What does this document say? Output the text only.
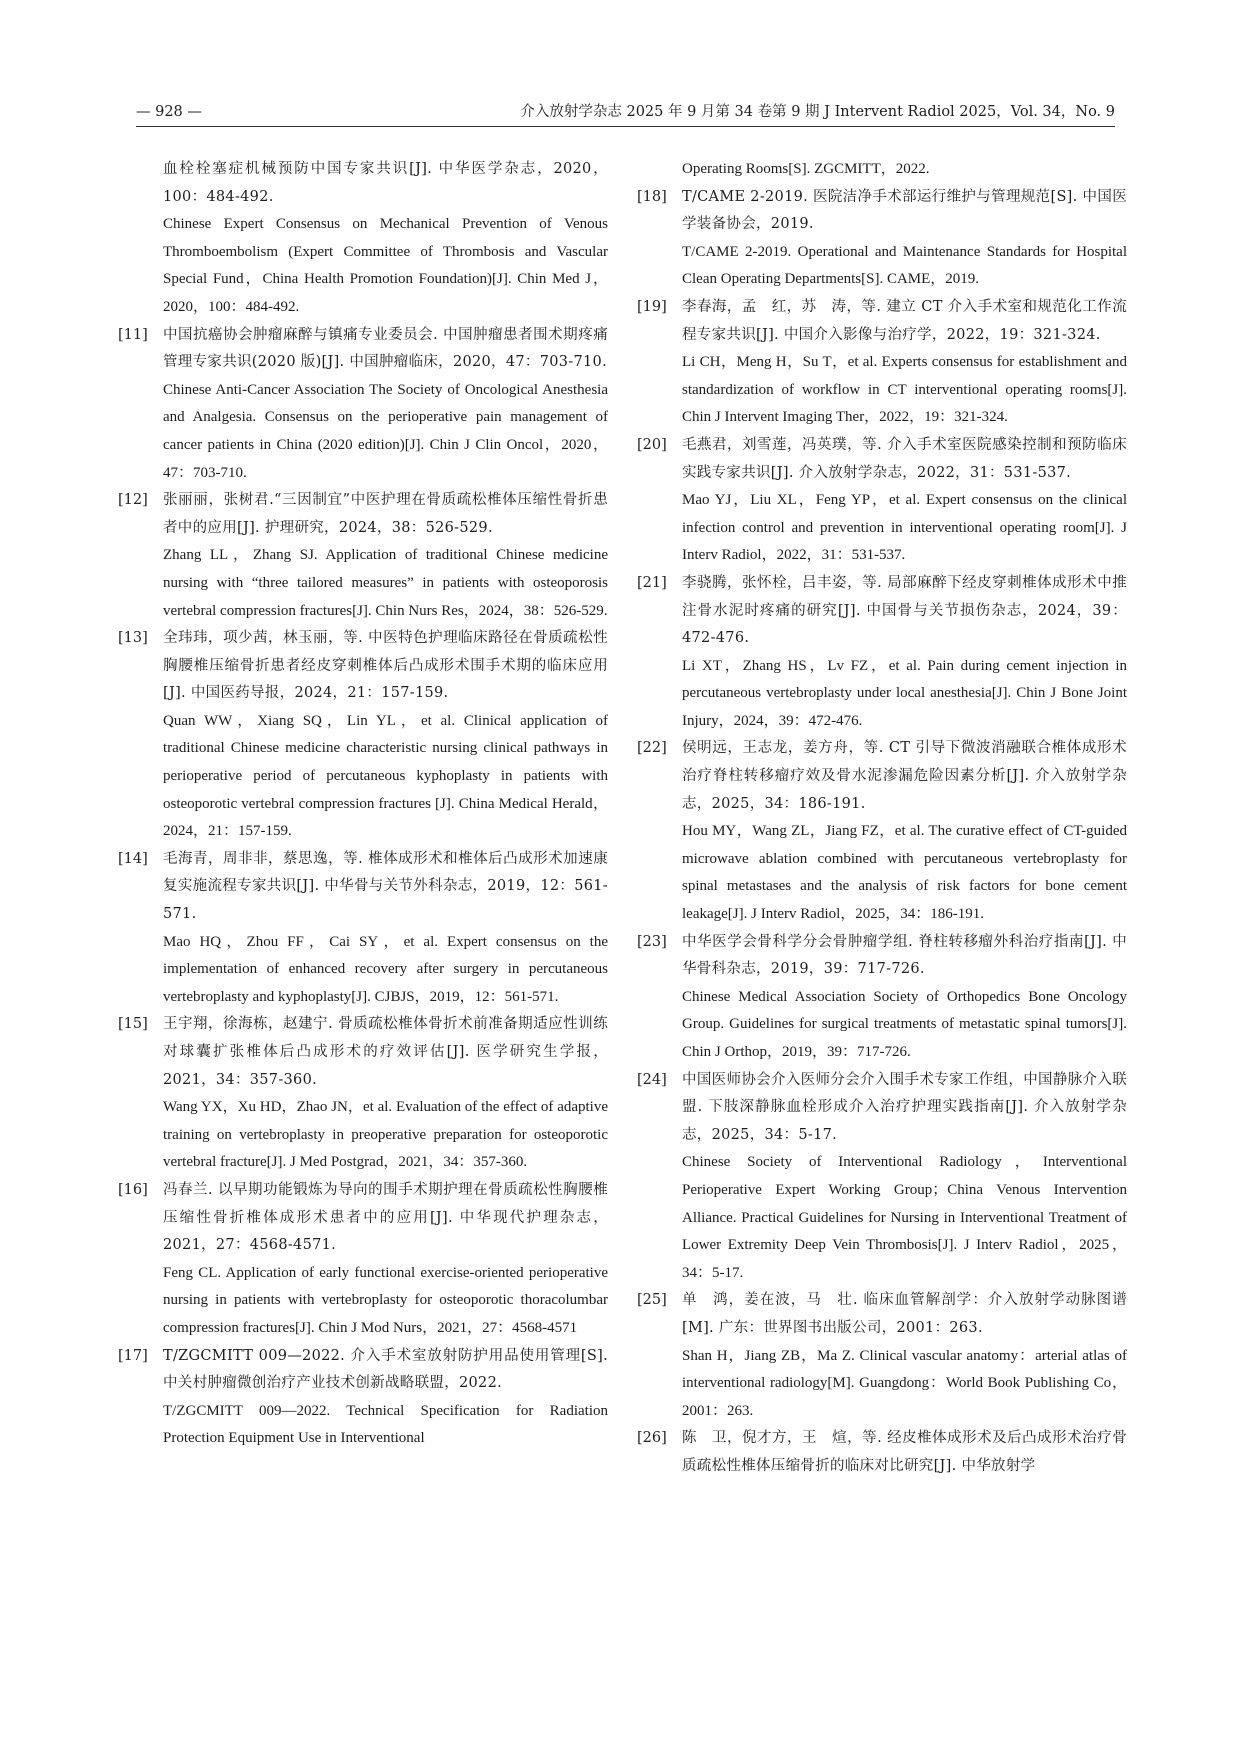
— 928 —	介入放射学杂志 2025 年 9 月第 34 卷第 9 期 J Intervent Radiol 2025，Vol. 34，No. 9
血栓栓塞症机械预防中国专家共识[J]. 中华医学杂志，2020，100：484-492.
Chinese Expert Consensus on Mechanical Prevention of Venous Thromboembolism (Expert Committee of Thrombosis and Vascular Special Fund，China Health Promotion Foundation)[J]. Chin Med J，2020，100：484-492.
[11] 中国抗癌协会肿瘤麻醉与镇痛专业委员会. 中国肿瘤患者围术期疼痛管理专家共识(2020 版)[J]. 中国肿瘤临床，2020，47：703-710.
Chinese Anti-Cancer Association The Society of Oncological Anesthesia and Analgesia. Consensus on the perioperative pain management of cancer patients in China (2020 edition)[J]. Chin J Clin Oncol，2020，47：703-710.
[12] 张丽丽，张树君.“三因制宜”中医护理在骨质疏松椎体压缩性骨折患者中的应用[J]. 护理研究，2024，38：526-529.
Zhang LL，Zhang SJ. Application of traditional Chinese medicine nursing with “three tailored measures” in patients with osteoporosis vertebral compression fractures[J]. Chin Nurs Res，2024，38：526-529.
[13] 全玮玮，项少茜，林玉丽，等. 中医特色护理临床路径在骨质疏松性胸腰椎压缩骨折患者经皮穿刺椎体后凸成形术围手术期的临床应用[J]. 中国医药导报，2024，21：157-159.
Quan WW，Xiang SQ，Lin YL，et al. Clinical application of traditional Chinese medicine characteristic nursing clinical pathways in perioperative period of percutaneous kyphoplasty in patients with osteoporotic vertebral compression fractures [J]. China Medical Herald，2024，21：157-159.
[14] 毛海青，周非非，蔡思逸，等. 椎体成形术和椎体后凸成形术加速康复实施流程专家共识[J]. 中华骨与关节外科杂志，2019，12：561-571.
Mao HQ，Zhou FF，Cai SY，et al. Expert consensus on the implementation of enhanced recovery after surgery in percutaneous vertebroplasty and kyphoplasty[J]. CJBJS，2019，12：561-571.
[15] 王宇翔，徐海栋，赵建宁. 骨质疏松椎体骨折术前准备期适应性训练对球囊扩张椎体后凸成形术的疗效评估[J]. 医学研究生学报，2021，34：357-360.
Wang YX，Xu HD，Zhao JN，et al. Evaluation of the effect of adaptive training on vertebroplasty in preoperative preparation for osteoporotic vertebral fracture[J]. J Med Postgrad，2021，34：357-360.
[16] 冯春兰. 以早期功能锻炼为导向的围手术期护理在骨质疏松性胸腰椎压缩性骨折椎体成形术患者中的应用[J]. 中华现代护理杂志，2021，27：4568-4571.
Feng CL. Application of early functional exercise-oriented perioperative nursing in patients with vertebroplasty for osteoporotic thoracolumbar compression fractures[J]. Chin J Mod Nurs，2021，27：4568-4571
[17] T/ZGCMITT 009—2022. 介入手术室放射防护用品使用管理[S]. 中关村肿瘤微创治疗产业技术创新战略联盟，2022.
T/ZGCMITT 009—2022. Technical Specification for Radiation Protection Equipment Use in Interventional
Operating Rooms[S]. ZGCMITT，2022.
[18] T/CAME 2-2019. 医院洁净手术部运行维护与管理规范[S]. 中国医学装备协会，2019.
T/CAME 2-2019. Operational and Maintenance Standards for Hospital Clean Operating Departments[S]. CAME，2019.
[19] 李春海，孟　红，苏　涛，等. 建立 CT 介入手术室和规范化工作流程专家共识[J]. 中国介入影像与治疗学，2022，19：321-324.
Li CH，Meng H，Su T，et al. Experts consensus for establishment and standardization of workflow in CT interventional operating rooms[J]. Chin J Intervent Imaging Ther，2022，19：321-324.
[20] 毛燕君，刘雪莲，冯英璞，等. 介入手术室医院感染控制和预防临床实践专家共识[J]. 介入放射学杂志，2022，31：531-537.
Mao YJ，Liu XL，Feng YP，et al. Expert consensus on the clinical infection control and prevention in interventional operating room[J]. J Interv Radiol，2022，31：531-537.
[21] 李骁腾，张怀栓，吕丰姿，等. 局部麻醉下经皮穿刺椎体成形术中推注骨水泥时疼痛的研究[J]. 中国骨与关节损伤杂志，2024，39：472-476.
Li XT，Zhang HS，Lv FZ，et al. Pain during cement injection in percutaneous vertebroplasty under local anesthesia[J]. Chin J Bone Joint Injury，2024，39：472-476.
[22] 侯明远，王志龙，姜方舟，等. CT 引导下微波消融联合椎体成形术治疗脊柱转移瘤疗效及骨水泥渗漏危险因素分析[J]. 介入放射学杂志，2025，34：186-191.
Hou MY，Wang ZL，Jiang FZ，et al. The curative effect of CT-guided microwave ablation combined with percutaneous vertebroplasty for spinal metastases and the analysis of risk factors for bone cement leakage[J]. J Interv Radiol，2025，34：186-191.
[23] 中华医学会骨科学分会骨肿瘤学组. 脊柱转移瘤外科治疗指南[J]. 中华骨科杂志，2019，39：717-726.
Chinese Medical Association Society of Orthopedics Bone Oncology Group. Guidelines for surgical treatments of metastatic spinal tumors[J]. Chin J Orthop，2019，39：717-726.
[24] 中国医师协会介入医师分会介入围手术专家工作组，中国静脉介入联盟. 下肢深静脉血栓形成介入治疗护理实践指南[J]. 介入放射学杂志，2025，34：5-17.
Chinese Society of Interventional Radiology，Interventional Perioperative Expert Working Group；China Venous Intervention Alliance. Practical Guidelines for Nursing in Interventional Treatment of Lower Extremity Deep Vein Thrombosis[J]. J Interv Radiol，2025，34：5-17.
[25] 单　鸿，姜在波，马　壮. 临床血管解剖学：介入放射学动脉图谱[M]. 广东：世界图书出版公司，2001：263.
Shan H，Jiang ZB，Ma Z. Clinical vascular anatomy：arterial atlas of interventional radiology[M]. Guangdong：World Book Publishing Co，2001：263.
[26] 陈　卫，倪才方，王　煊，等. 经皮椎体成形术及后凸成形术治疗骨质疏松性椎体压缩骨折的临床对比研究[J]. 中华放射学
